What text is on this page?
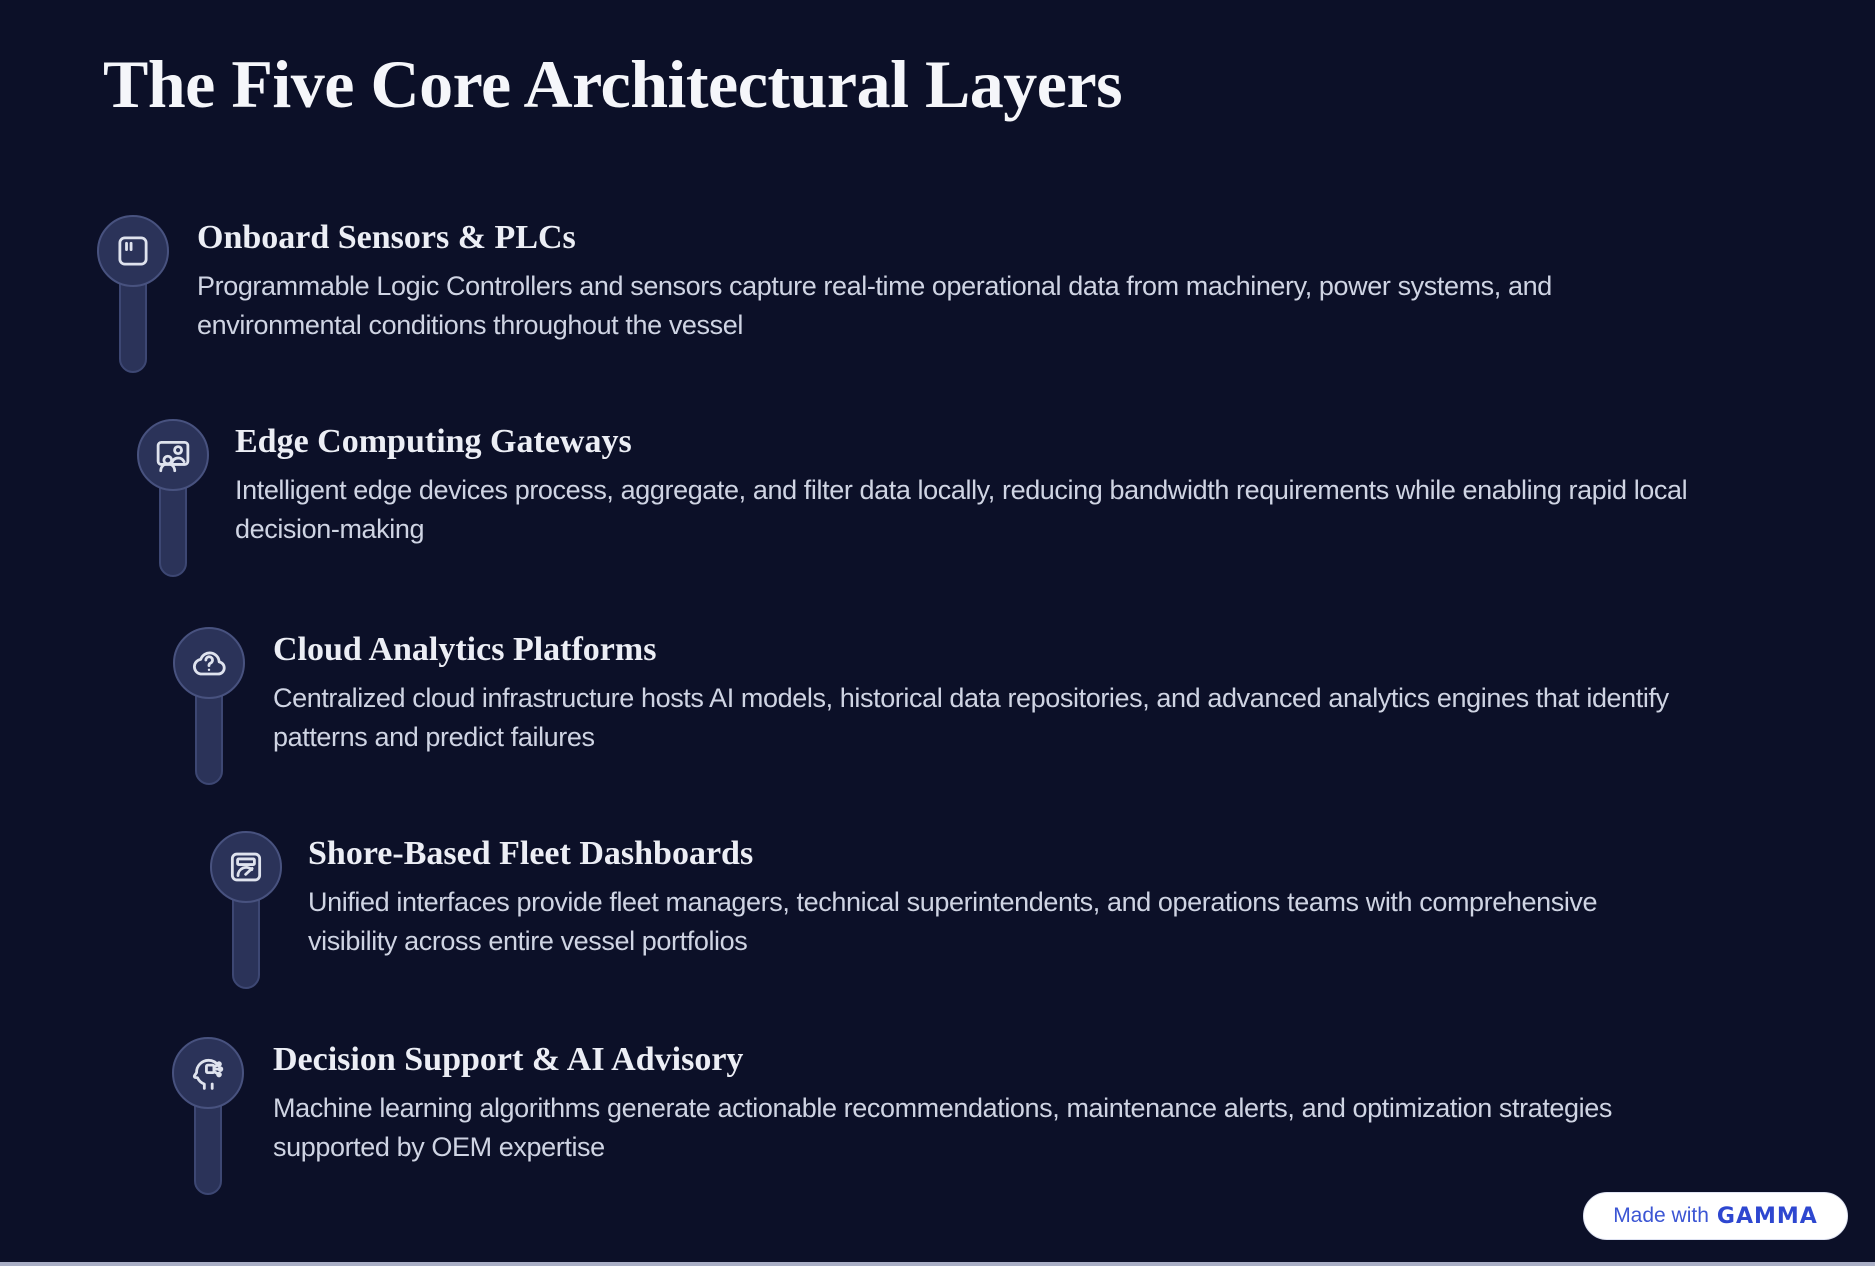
The Five Core Architectural Layers
Onboard Sensors & PLCs
Programmable Logic Controllers and sensors capture real-time operational data from machinery, power systems, and
environmental conditions throughout the vessel
Edge Computing Gateways
Intelligent edge devices process, aggregate, and filter data locally, reducing bandwidth requirements while enabling rapid local
decision-making
Cloud Analytics Platforms
Centralized cloud infrastructure hosts AI models, historical data repositories, and advanced analytics engines that identify
patterns and predict failures
Shore-Based Fleet Dashboards
Unified interfaces provide fleet managers, technical superintendents, and operations teams with comprehensive
visibility across entire vessel portfolios
Decision Support & AI Advisory
Machine learning algorithms generate actionable recommendations, maintenance alerts, and optimization strategies
supported by OEM expertise
Made with GAMMA
